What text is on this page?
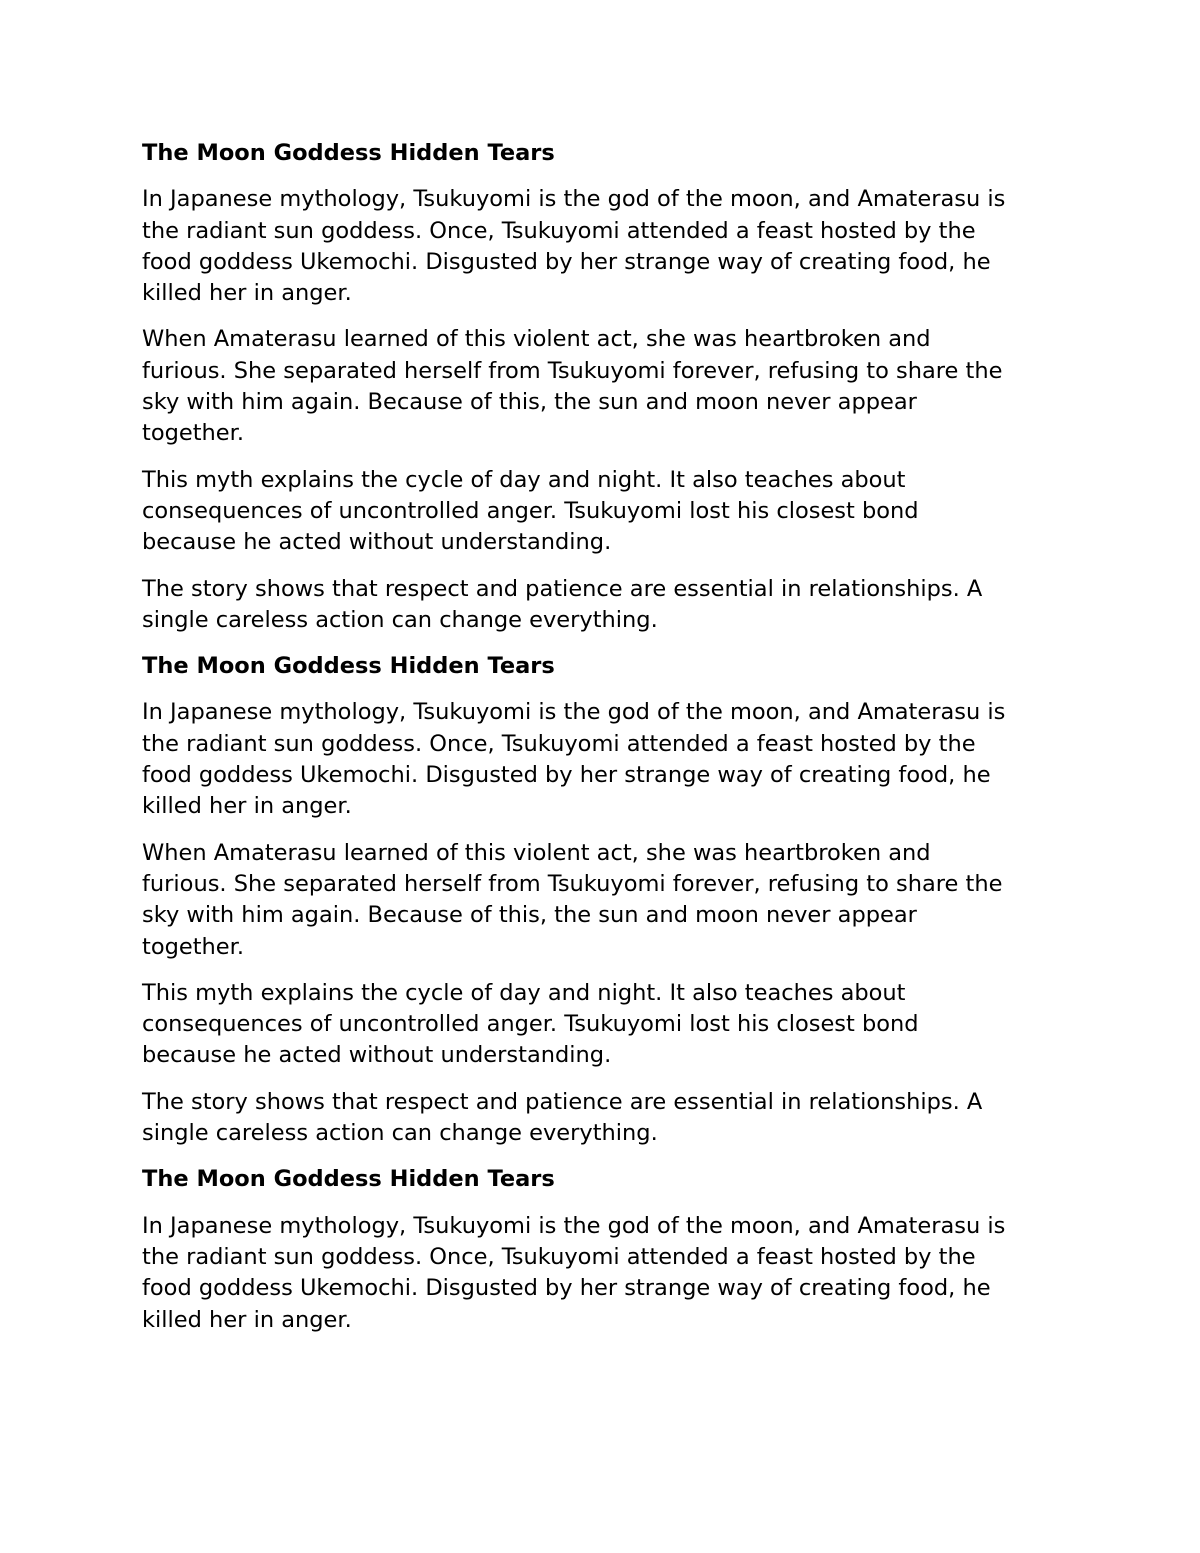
The Moon Goddess Hidden Tears
In Japanese mythology, Tsukuyomi is the god of the moon, and Amaterasu is
the radiant sun goddess. Once, Tsukuyomi attended a feast hosted by the
food goddess Ukemochi. Disgusted by her strange way of creating food, he
killed her in anger.
When Amaterasu learned of this violent act, she was heartbroken and
furious. She separated herself from Tsukuyomi forever, refusing to share the
sky with him again. Because of this, the sun and moon never appear
together.
This myth explains the cycle of day and night. It also teaches about
consequences of uncontrolled anger. Tsukuyomi lost his closest bond
because he acted without understanding.
The story shows that respect and patience are essential in relationships. A
single careless action can change everything.
The Moon Goddess Hidden Tears
In Japanese mythology, Tsukuyomi is the god of the moon, and Amaterasu is
the radiant sun goddess. Once, Tsukuyomi attended a feast hosted by the
food goddess Ukemochi. Disgusted by her strange way of creating food, he
killed her in anger.
When Amaterasu learned of this violent act, she was heartbroken and
furious. She separated herself from Tsukuyomi forever, refusing to share the
sky with him again. Because of this, the sun and moon never appear
together.
This myth explains the cycle of day and night. It also teaches about
consequences of uncontrolled anger. Tsukuyomi lost his closest bond
because he acted without understanding.
The story shows that respect and patience are essential in relationships. A
single careless action can change everything.
The Moon Goddess Hidden Tears
In Japanese mythology, Tsukuyomi is the god of the moon, and Amaterasu is
the radiant sun goddess. Once, Tsukuyomi attended a feast hosted by the
food goddess Ukemochi. Disgusted by her strange way of creating food, he
killed her in anger.
